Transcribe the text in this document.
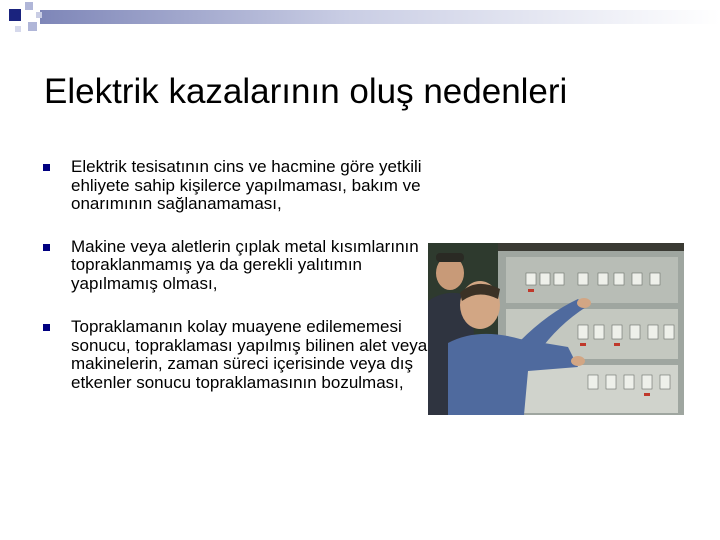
Elektrik kazalarının oluş nedenleri
Elektrik tesisatının cins ve hacmine göre yetkili ehliyete sahip kişilerce yapılmaması, bakım ve onarımının sağlanamaması,
Makine veya aletlerin çıplak metal kısımlarının topraklanmamış ya da gerekli yalıtımın yapılmamış olması,
Topraklamanın kolay muayene edilememesi sonucu, topraklaması yapılmış bilinen alet veya makinelerin, zaman süreci içerisinde veya dış etkenler sonucu topraklamasının bozulması,
